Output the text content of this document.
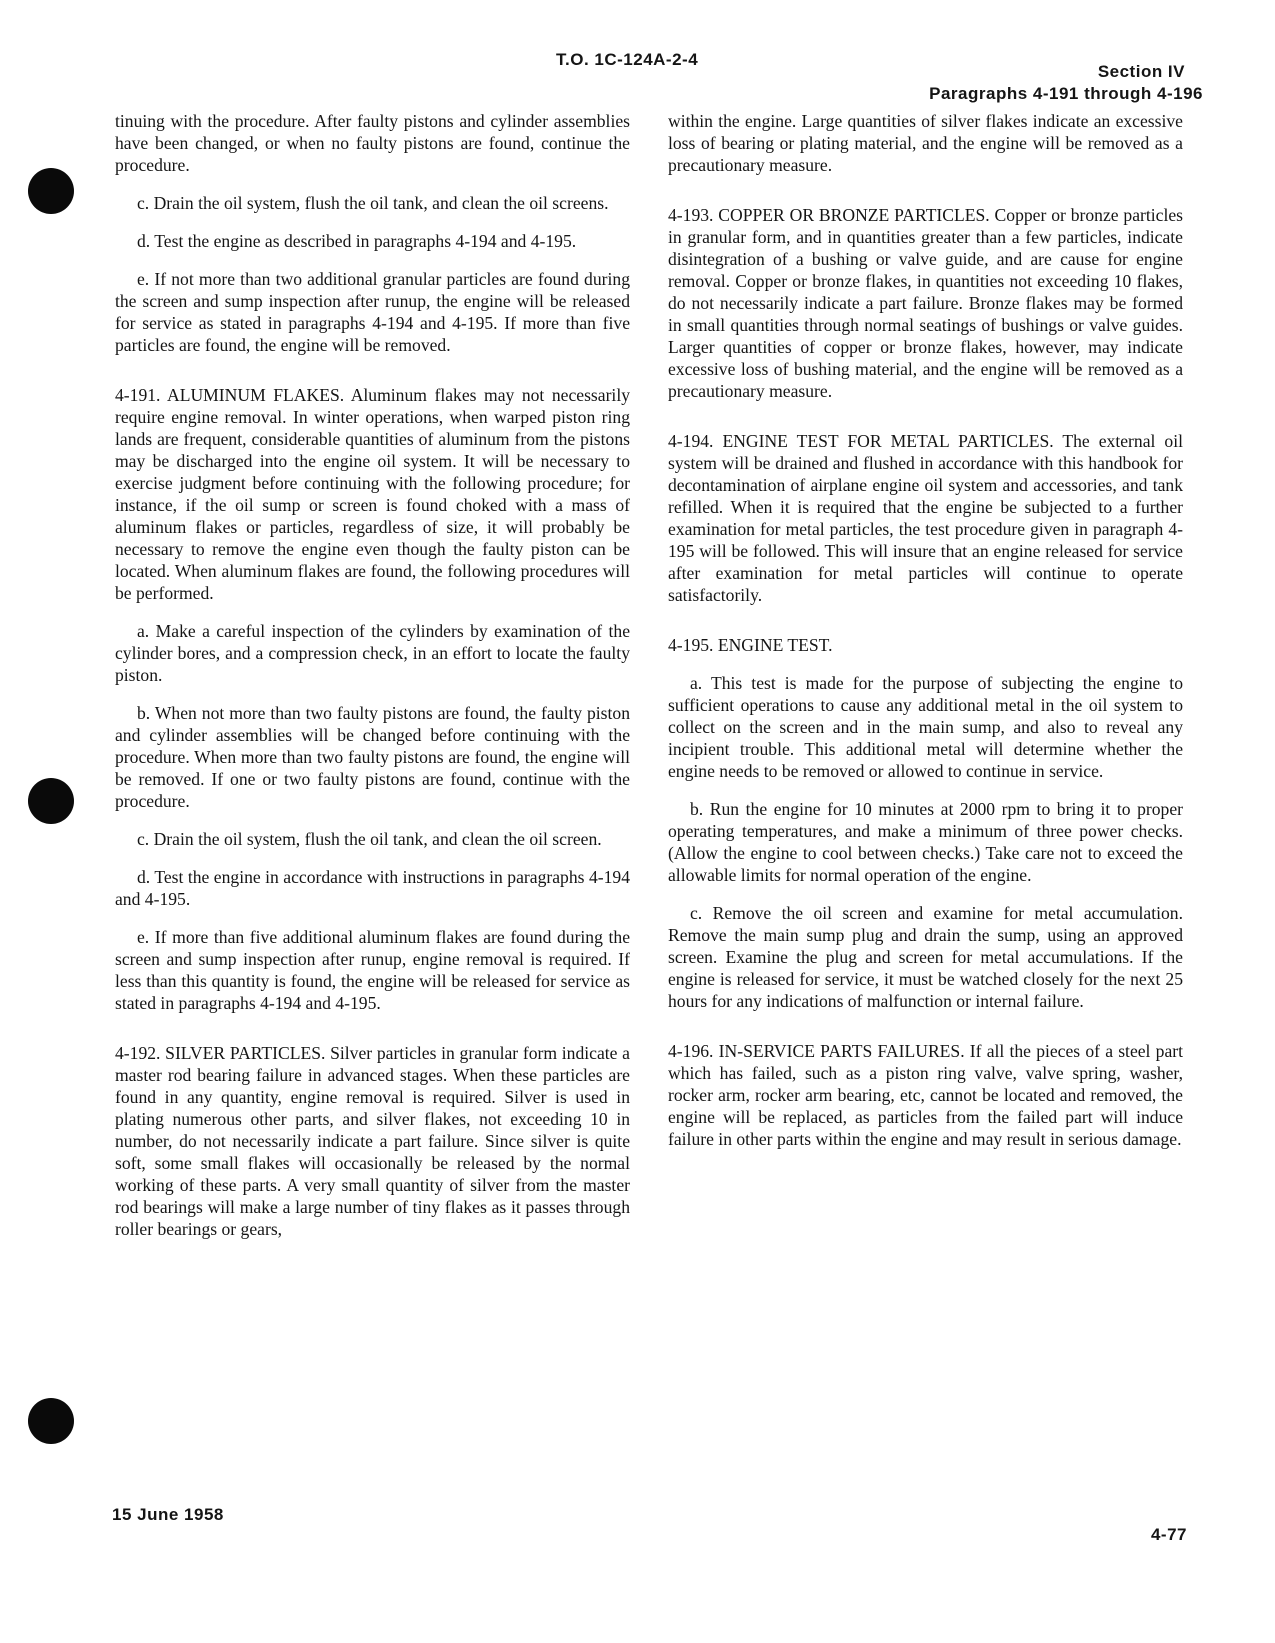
T.O. 1C-124A-2-4
Section IV
Paragraphs 4-191 through 4-196

tinuing with the procedure. After faulty pistons and cylinder assemblies have been changed, or when no faulty pistons are found, continue the procedure.

c. Drain the oil system, flush the oil tank, and clean the oil screens.

d. Test the engine as described in paragraphs 4-194 and 4-195.

e. If not more than two additional granular particles are found during the screen and sump inspection after runup, the engine will be released for service as stated in paragraphs 4-194 and 4-195. If more than five particles are found, the engine will be removed.

4-191. ALUMINUM FLAKES. Aluminum flakes may not necessarily require engine removal. In winter operations, when warped piston ring lands are frequent, considerable quantities of aluminum from the pistons may be discharged into the engine oil system. It will be necessary to exercise judgment before continuing with the following procedure; for instance, if the oil sump or screen is found choked with a mass of aluminum flakes or particles, regardless of size, it will probably be necessary to remove the engine even though the faulty piston can be located. When aluminum flakes are found, the following procedures will be performed.

a. Make a careful inspection of the cylinders by examination of the cylinder bores, and a compression check, in an effort to locate the faulty piston.

b. When not more than two faulty pistons are found, the faulty piston and cylinder assemblies will be changed before continuing with the procedure. When more than two faulty pistons are found, the engine will be removed. If one or two faulty pistons are found, continue with the procedure.

c. Drain the oil system, flush the oil tank, and clean the oil screen.

d. Test the engine in accordance with instructions in paragraphs 4-194 and 4-195.

e. If more than five additional aluminum flakes are found during the screen and sump inspection after runup, engine removal is required. If less than this quantity is found, the engine will be released for service as stated in paragraphs 4-194 and 4-195.

4-192. SILVER PARTICLES. Silver particles in granular form indicate a master rod bearing failure in advanced stages. When these particles are found in any quantity, engine removal is required. Silver is used in plating numerous other parts, and silver flakes, not exceeding 10 in number, do not necessarily indicate a part failure. Since silver is quite soft, some small flakes will occasionally be released by the normal working of these parts. A very small quantity of silver from the master rod bearings will make a large number of tiny flakes as it passes through roller bearings or gears,

within the engine. Large quantities of silver flakes indicate an excessive loss of bearing or plating material, and the engine will be removed as a precautionary measure.

4-193. COPPER OR BRONZE PARTICLES. Copper or bronze particles in granular form, and in quantities greater than a few particles, indicate disintegration of a bushing or valve guide, and are cause for engine removal. Copper or bronze flakes, in quantities not exceeding 10 flakes, do not necessarily indicate a part failure. Bronze flakes may be formed in small quantities through normal seatings of bushings or valve guides. Larger quantities of copper or bronze flakes, however, may indicate excessive loss of bushing material, and the engine will be removed as a precautionary measure.

4-194. ENGINE TEST FOR METAL PARTICLES. The external oil system will be drained and flushed in accordance with this handbook for decontamination of airplane engine oil system and accessories, and tank refilled. When it is required that the engine be subjected to a further examination for metal particles, the test procedure given in paragraph 4-195 will be followed. This will insure that an engine released for service after examination for metal particles will continue to operate satisfactorily.

4-195. ENGINE TEST.

a. This test is made for the purpose of subjecting the engine to sufficient operations to cause any additional metal in the oil system to collect on the screen and in the main sump, and also to reveal any incipient trouble. This additional metal will determine whether the engine needs to be removed or allowed to continue in service.

b. Run the engine for 10 minutes at 2000 rpm to bring it to proper operating temperatures, and make a minimum of three power checks. (Allow the engine to cool between checks.) Take care not to exceed the allowable limits for normal operation of the engine.

c. Remove the oil screen and examine for metal accumulation. Remove the main sump plug and drain the sump, using an approved screen. Examine the plug and screen for metal accumulations. If the engine is released for service, it must be watched closely for the next 25 hours for any indications of malfunction or internal failure.

4-196. IN-SERVICE PARTS FAILURES. If all the pieces of a steel part which has failed, such as a piston ring valve, valve spring, washer, rocker arm, rocker arm bearing, etc, cannot be located and removed, the engine will be replaced, as particles from the failed part will induce failure in other parts within the engine and may result in serious damage.

15 June 1958
4-77
